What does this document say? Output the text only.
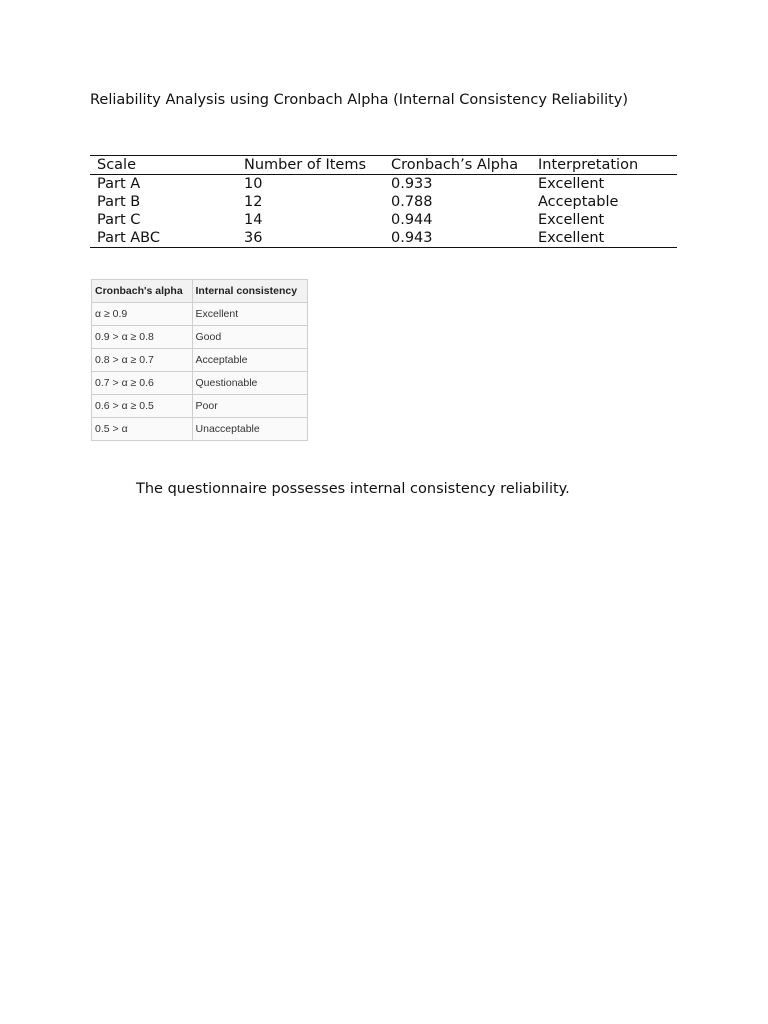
Reliability Analysis using Cronbach Alpha (Internal Consistency Reliability)
Scale	Number of Items	Cronbach’s Alpha	Interpretation
Part A	10	0.933	Excellent
Part B	12	0.788	Acceptable
Part C	14	0.944	Excellent
Part ABC	36	0.943	Excellent
Cronbach's alpha	Internal consistency
α ≥ 0.9	Excellent
0.9 > α ≥ 0.8	Good
0.8 > α ≥ 0.7	Acceptable
0.7 > α ≥ 0.6	Questionable
0.6 > α ≥ 0.5	Poor
0.5 > α	Unacceptable
The questionnaire possesses internal consistency reliability.
